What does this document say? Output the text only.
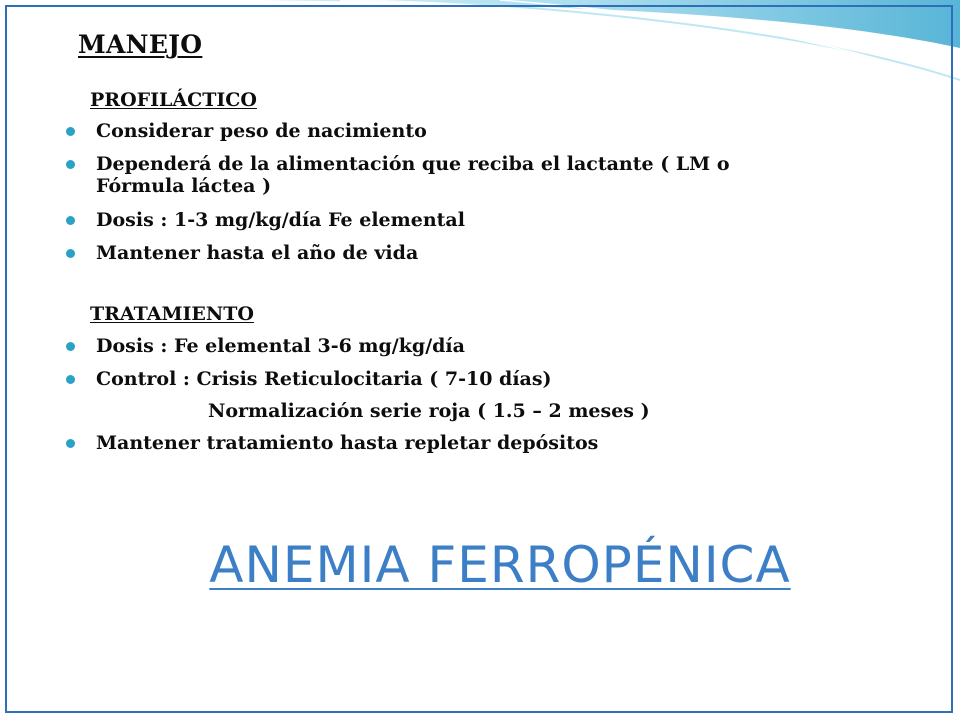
MANEJO
PROFILÁCTICO
Considerar peso de nacimiento
Dependerá de la alimentación que reciba el lactante ( LM o Fórmula láctea )
Dosis : 1-3 mg/kg/día Fe elemental
Mantener hasta el año de vida
TRATAMIENTO
Dosis : Fe elemental 3-6 mg/kg/día
Control : Crisis Reticulocitaria ( 7-10 días)
Mantener tratamiento hasta repletar depósitos
Normalización serie roja ( 1.5 – 2 meses )
ANEMIA FERROPÉNICA
